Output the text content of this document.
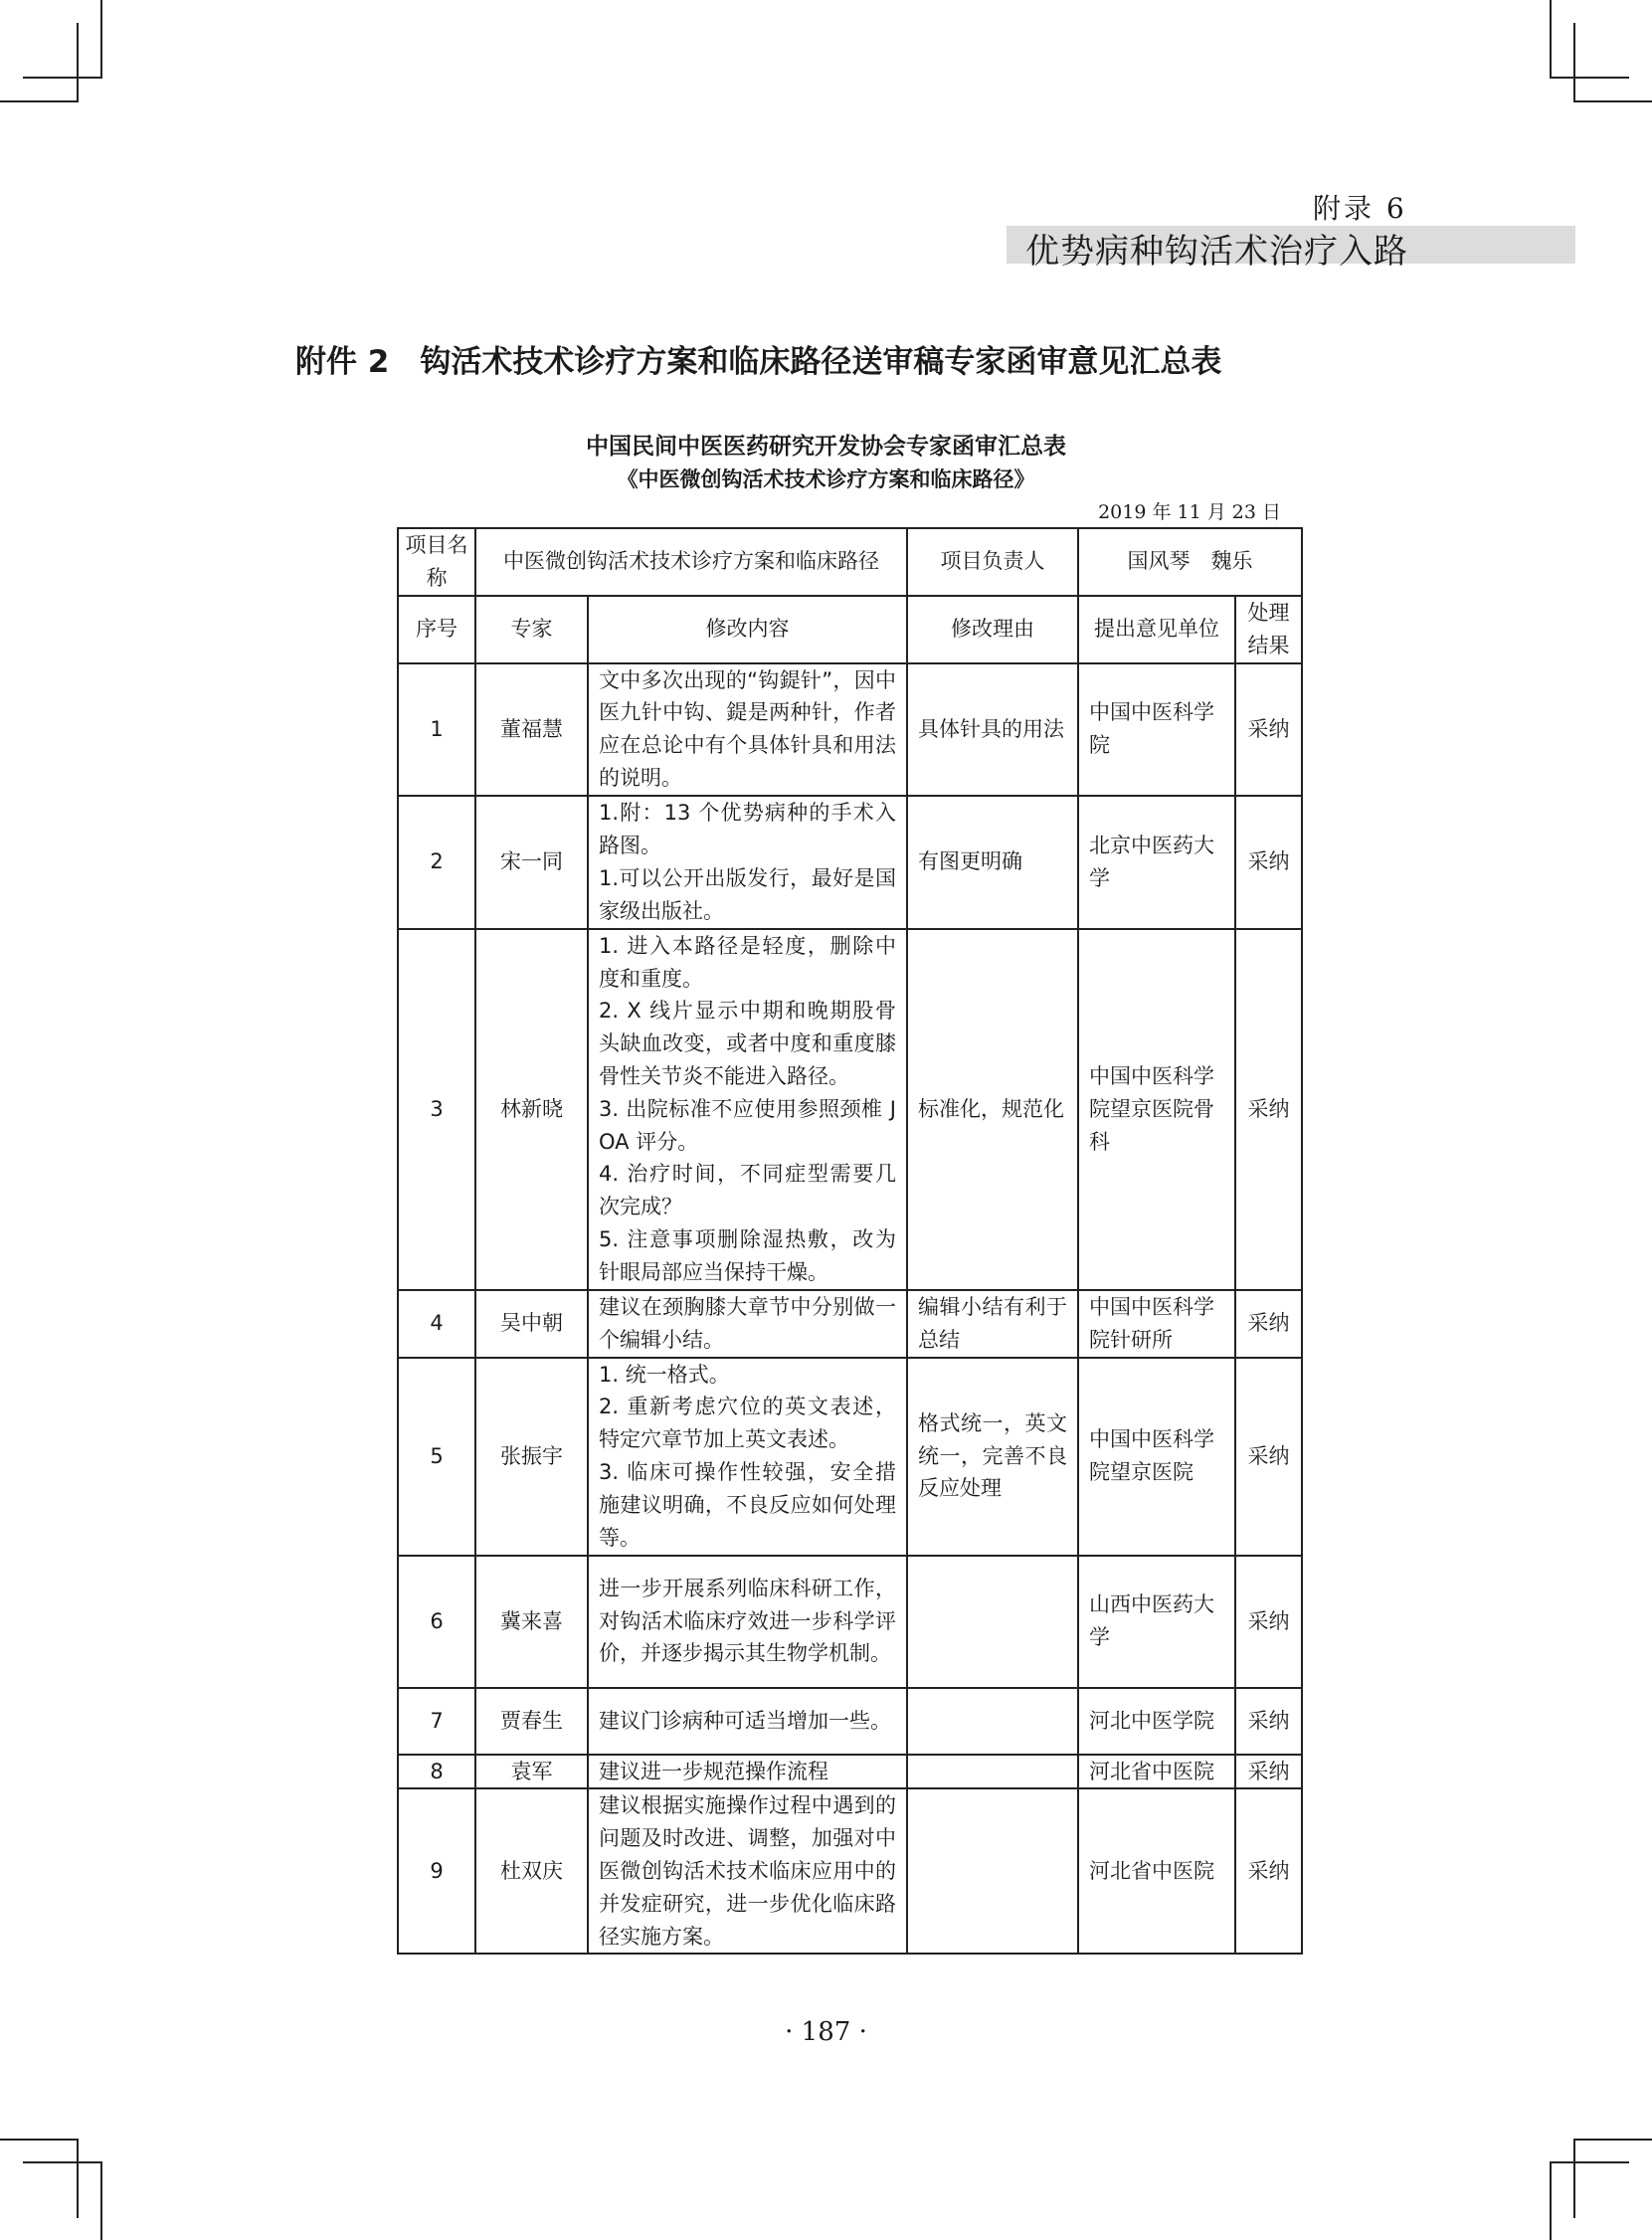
附录 6
优势病种钩活术治疗入路
附件 2　钩活术技术诊疗方案和临床路径送审稿专家函审意见汇总表
中国民间中医医药研究开发协会专家函审汇总表
《中医微创钩活术技术诊疗方案和临床路径》
2019 年 11 月 23 日
项目名称	中医微创钩活术技术诊疗方案和临床路径		项目负责人	国风琴　魏乐	
序号	专家	修改内容	修改理由	提出意见单位	处理结果
1	董福慧	文中多次出现的“钩鍉针”，因中医九针中钩、鍉是两种针，作者应在总论中有个具体针具和用法的说明。	具体针具的用法	中国中医科学院	采纳
2	宋一同	1.附：13 个优势病种的手术入路图。
1.可以公开出版发行，最好是国家级出版社。	有图更明确	北京中医药大学	采纳
3	林新晓	1. 进入本路径是轻度，删除中度和重度。
2. X 线片显示中期和晚期股骨头缺血改变，或者中度和重度膝骨性关节炎不能进入路径。
3. 出院标准不应使用参照颈椎 JOA 评分。
4. 治疗时间，不同症型需要几次完成？
5. 注意事项删除湿热敷，改为针眼局部应当保持干燥。	标准化，规范化	中国中医科学院望京医院骨科	采纳
4	吴中朝	建议在颈胸膝大章节中分别做一个编辑小结。	编辑小结有利于总结	中国中医科学院针研所	采纳
5	张振宇	1. 统一格式。
2. 重新考虑穴位的英文表述，特定穴章节加上英文表述。
3. 临床可操作性较强，安全措施建议明确，不良反应如何处理等。	格式统一，英文统一，完善不良反应处理	中国中医科学院望京医院	采纳
6	冀来喜	进一步开展系列临床科研工作，对钩活术临床疗效进一步科学评价，并逐步揭示其生物学机制。		山西中医药大学	采纳
7	贾春生	建议门诊病种可适当增加一些。		河北中医学院	采纳
8	袁军	建议进一步规范操作流程		河北省中医院	采纳
9	杜双庆	建议根据实施操作过程中遇到的问题及时改进、调整，加强对中医微创钩活术技术临床应用中的并发症研究，进一步优化临床路径实施方案。		河北省中医院	采纳
· 187 ·
